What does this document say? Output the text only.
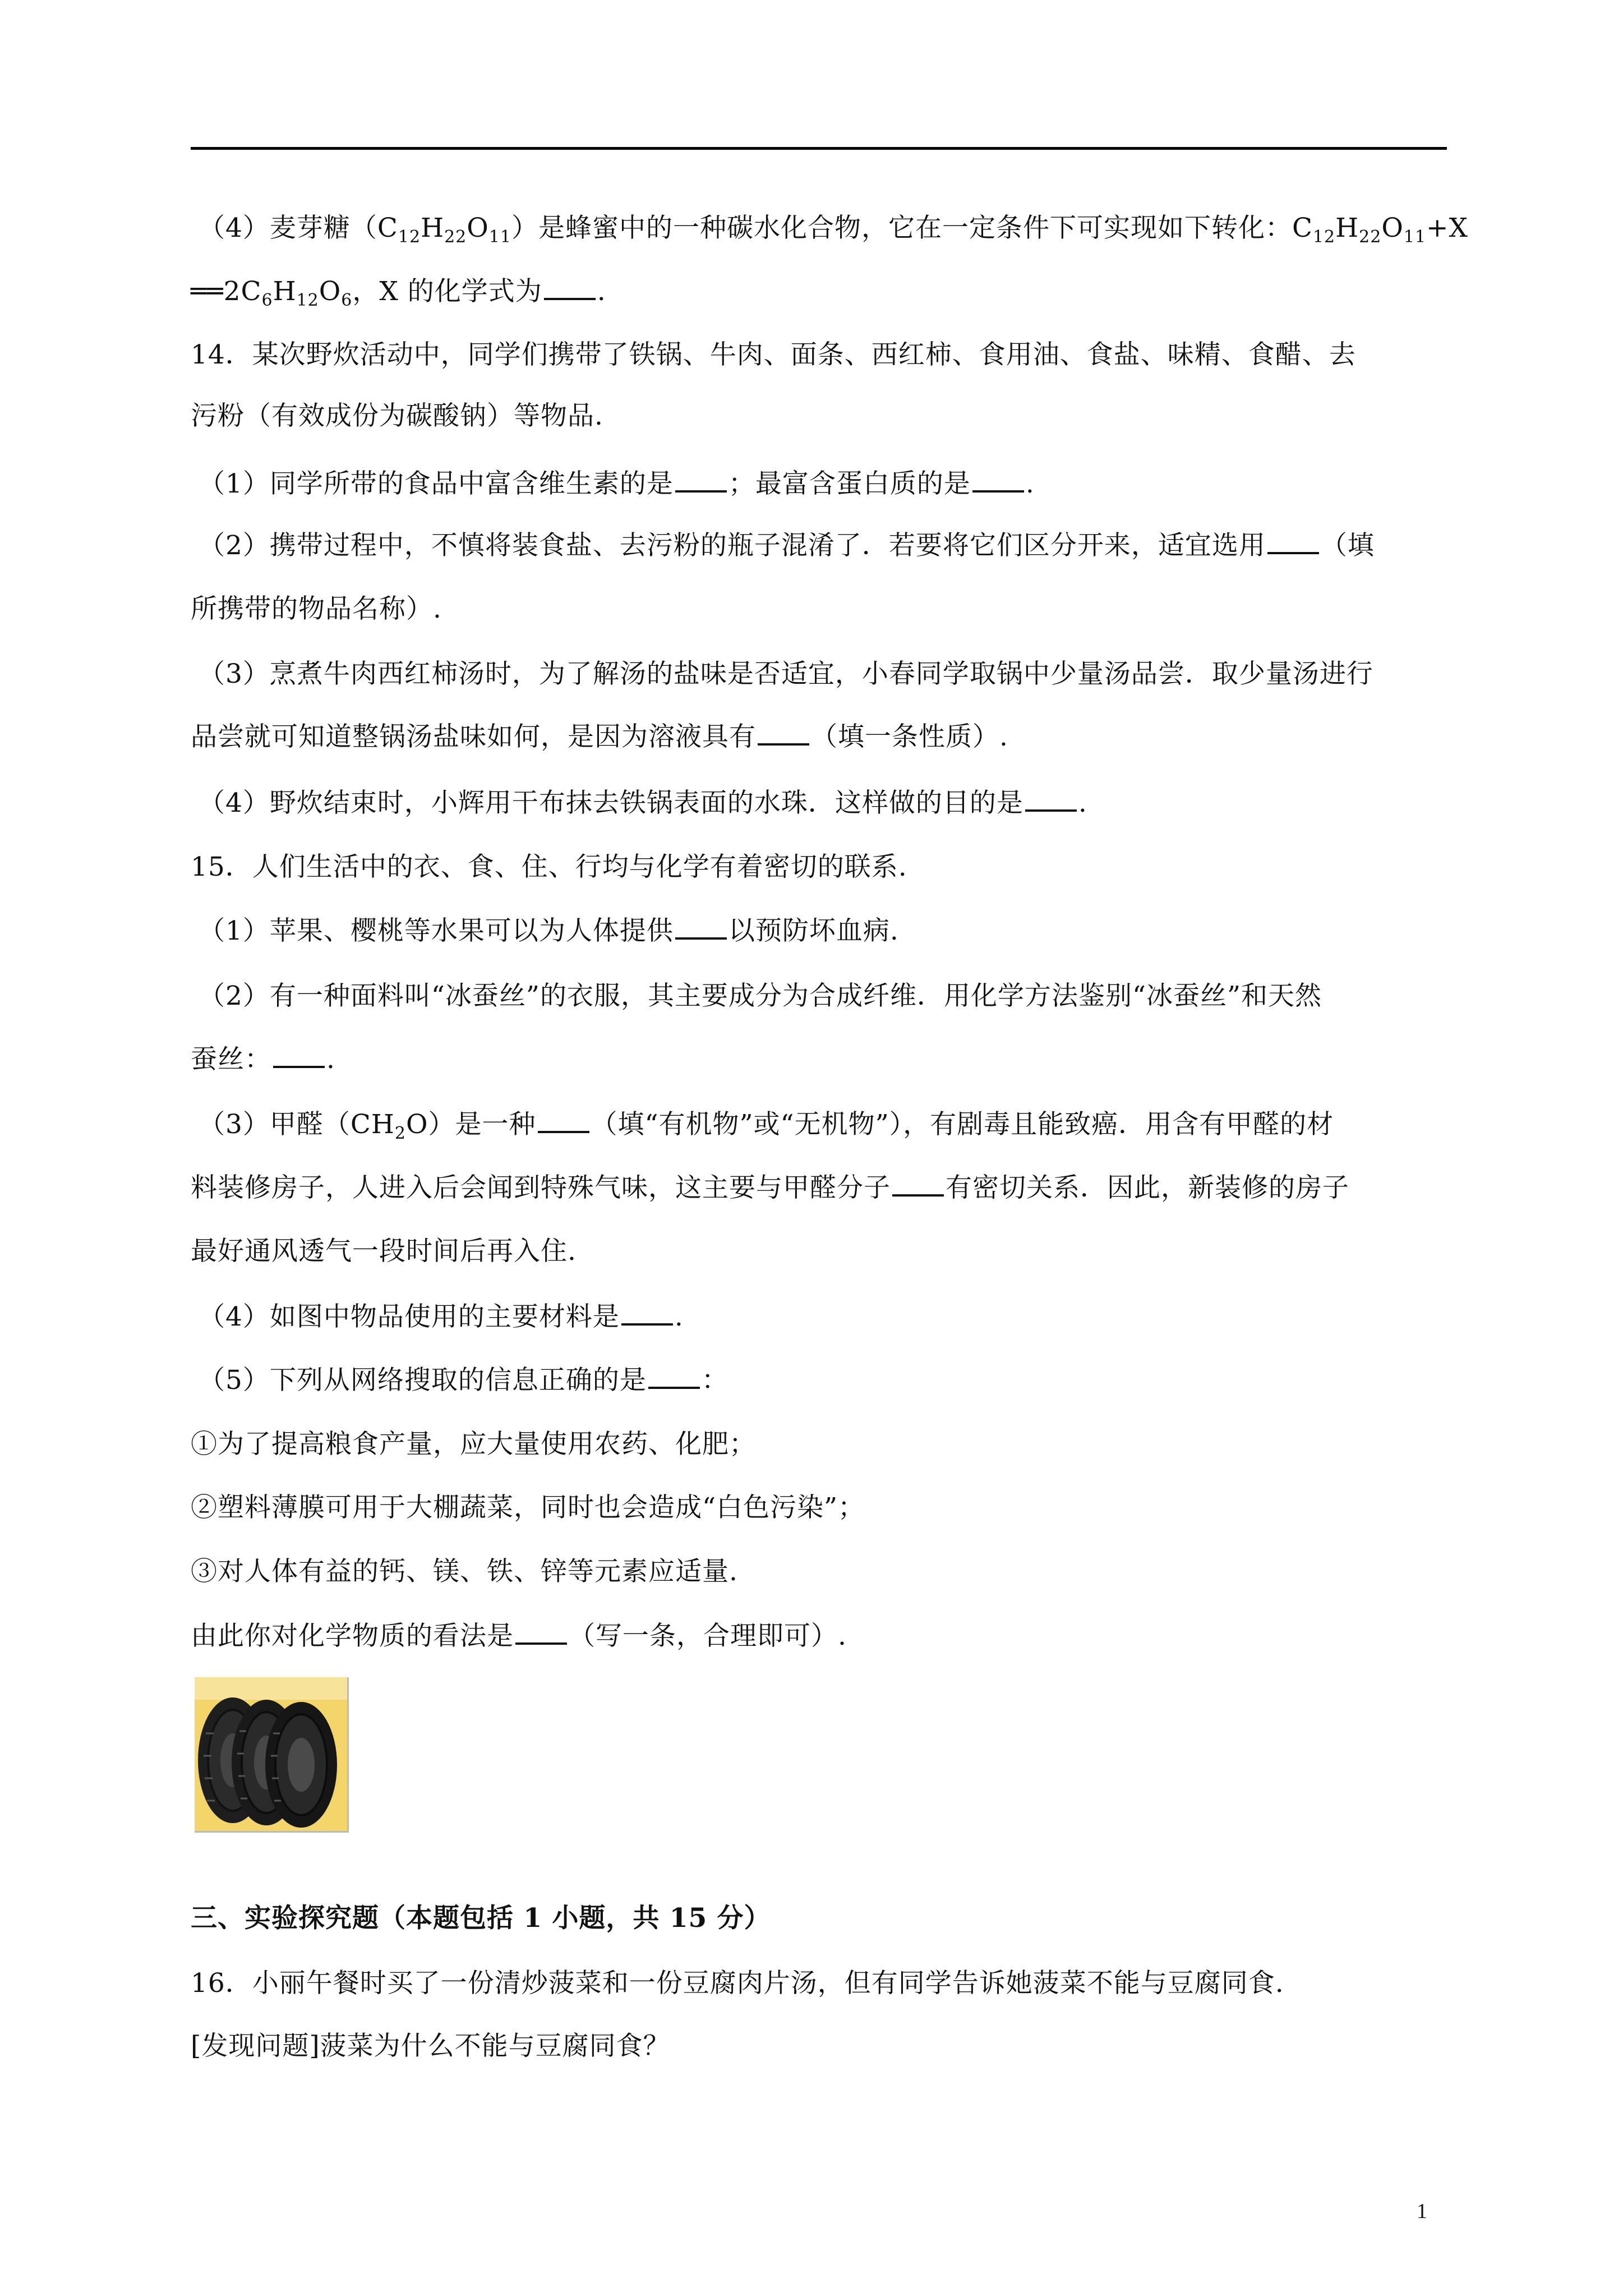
（4）麦芽糖$(C_{12}H_{22}O_{11})$是蜂蜜中的一种碳水化合物，它在一定条件下可实现如下转化：$C_{12}H_{22}O_{11}+X$
$══2C_6H_{12}O_6$，X 的化学式为 .
14．某次野炊活动中，同学们携带了铁锅、牛肉、面条、西红柿、食用油、食盐、味精、食醋、去
污粉（有效成份为碳酸钠）等物品.
（1）同学所带的食品中富含维生素的是 ；最富含蛋白质的是 .
（2）携带过程中，不慎将装食盐、去污粉的瓶子混淆了．若要将它们区分开来，适宜选用 （填
所携带的物品名称）.
（3）烹煮牛肉西红柿汤时，为了解汤的盐味是否适宜，小春同学取锅中少量汤品尝．取少量汤进行
品尝就可知道整锅汤盐味如何，是因为溶液具有 （填一条性质）.
（4）野炊结束时，小辉用干布抹去铁锅表面的水珠．这样做的目的是 .
15．人们生活中的衣、食、住、行均与化学有着密切的联系.
（1）苹果、樱桃等水果可以为人体提供 以预防坏血病.
（2）有一种面料叫“冰蚕丝”的衣服，其主要成分为合成纤维．用化学方法鉴别“冰蚕丝”和天然
蚕丝： .
（3）甲醛$(CH_2O)$是一种 （填“有机物”或“无机物”），有剧毒且能致癌．用含有甲醛的材
料装修房子，人进入后会闻到特殊气味，这主要与甲醛分子 有密切关系．因此，新装修的房子
最好通风透气一段时间后再入住.
（4）如图中物品使用的主要材料是 .
（5）下列从网络搜取的信息正确的是 ：
①为了提高粮食产量，应大量使用农药、化肥；
②塑料薄膜可用于大棚蔬菜，同时也会造成“白色污染”；
③对人体有益的钙、镁、铁、锌等元素应适量.
由此你对化学物质的看法是 （写一条，合理即可）.
三、实验探究题（本题包括 1 小题，共 15 分）
16．小丽午餐时买了一份清炒菠菜和一份豆腐肉片汤，但有同学告诉她菠菜不能与豆腐同食.
[发现问题]菠菜为什么不能与豆腐同食？
1
